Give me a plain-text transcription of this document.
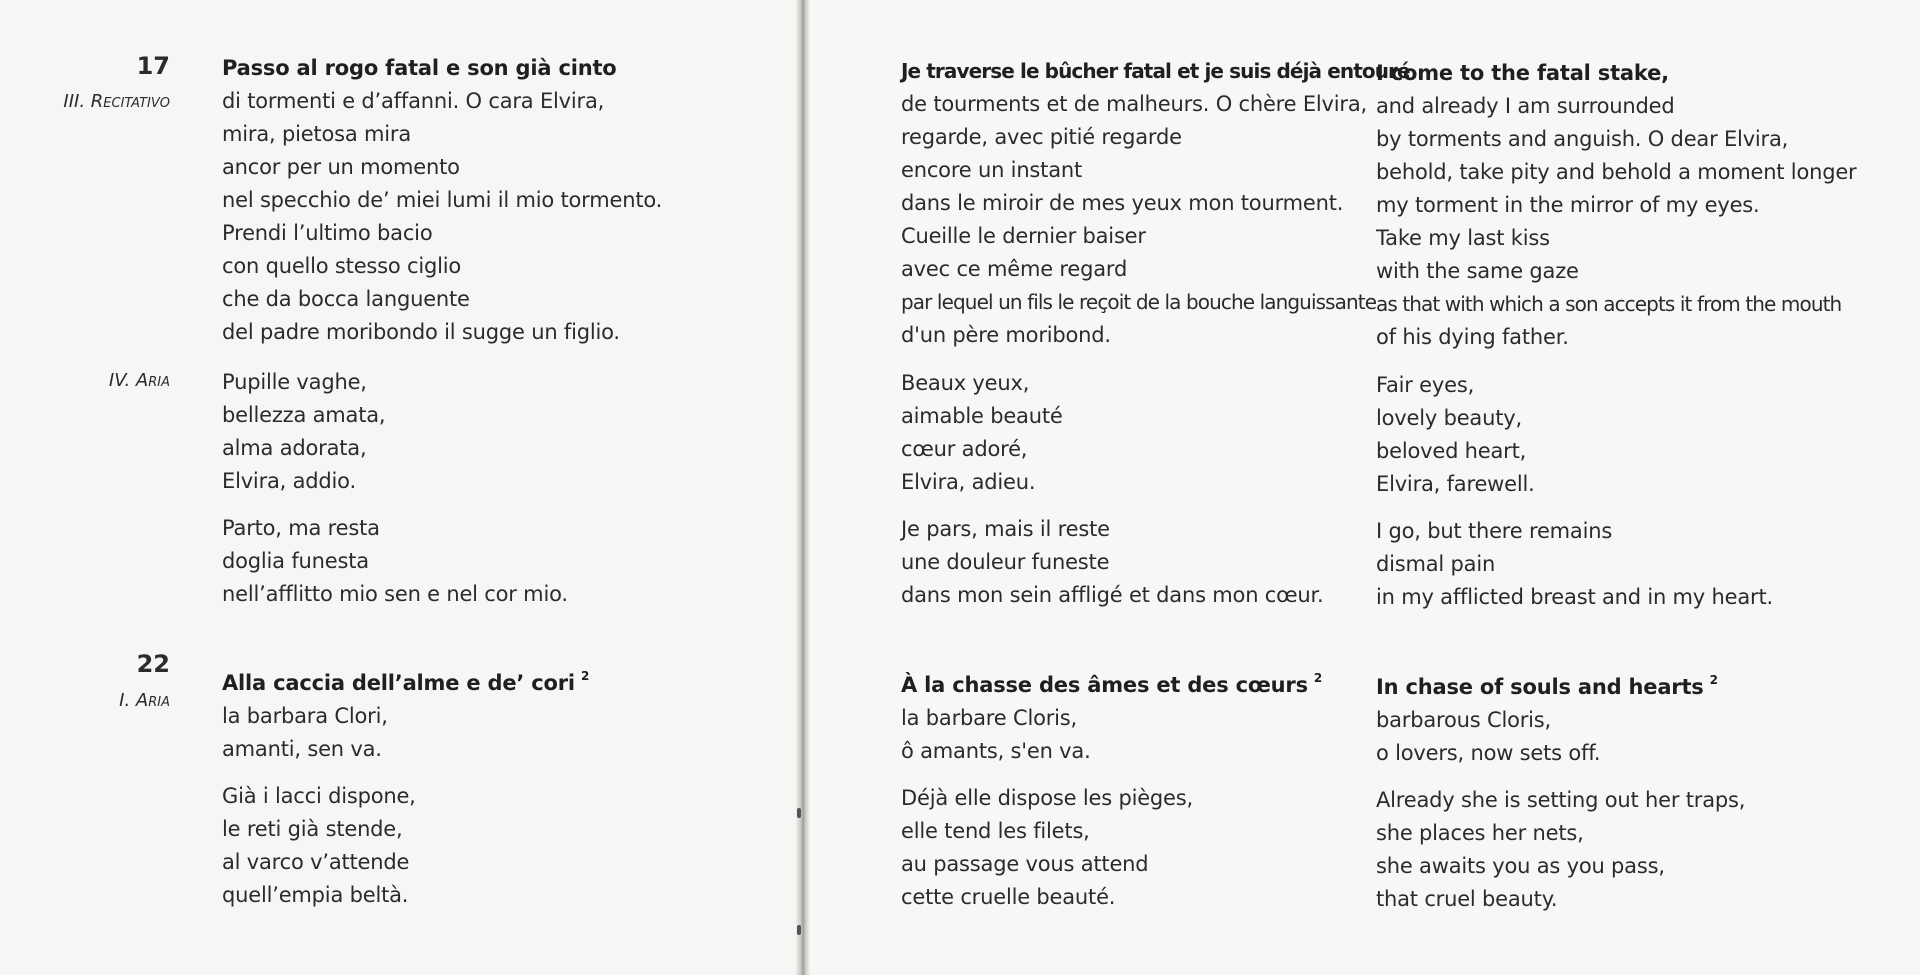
17
III. Recitativo
IV. Aria
22
I. Aria
Passo al rogo fatal e son già cinto
di tormenti e d’affanni. O cara Elvira,
mira, pietosa mira
ancor per un momento
nel specchio de’ miei lumi il mio tormento.
Prendi l’ultimo bacio
con quello stesso ciglio
che da bocca languente
del padre moribondo il sugge un figlio.
Pupille vaghe,
bellezza amata,
alma adorata,
Elvira, addio.
Parto, ma resta
doglia funesta
nell’afflitto mio sen e nel cor mio.
Alla caccia dell’alme e de’ cori $^2$
la barbara Clori,
amanti, sen va.
Già i lacci dispone,
le reti già stende,
al varco v’attende
quell’empia beltà.
Je traverse le bûcher fatal et je suis déjà entouré
de tourments et de malheurs. O chère Elvira,
regarde, avec pitié regarde
encore un instant
dans le miroir de mes yeux mon tourment.
Cueille le dernier baiser
avec ce même regard
par lequel un fils le reçoit de la bouche languissante
d'un père moribond.
Beaux yeux,
aimable beauté
cœur adoré,
Elvira, adieu.
Je pars, mais il reste
une douleur funeste
dans mon sein affligé et dans mon cœur.
À la chasse des âmes et des cœurs $^2$
la barbare Cloris,
ô amants, s'en va.
Déjà elle dispose les pièges,
elle tend les filets,
au passage vous attend
cette cruelle beauté.
I come to the fatal stake,
and already I am surrounded
by torments and anguish. O dear Elvira,
behold, take pity and behold a moment longer
my torment in the mirror of my eyes.
Take my last kiss
with the same gaze
as that with which a son accepts it from the mouth
of his dying father.
Fair eyes,
lovely beauty,
beloved heart,
Elvira, farewell.
I go, but there remains
dismal pain
in my afflicted breast and in my heart.
In chase of souls and hearts $^2$
barbarous Cloris,
o lovers, now sets off.
Already she is setting out her traps,
she places her nets,
she awaits you as you pass,
that cruel beauty.
